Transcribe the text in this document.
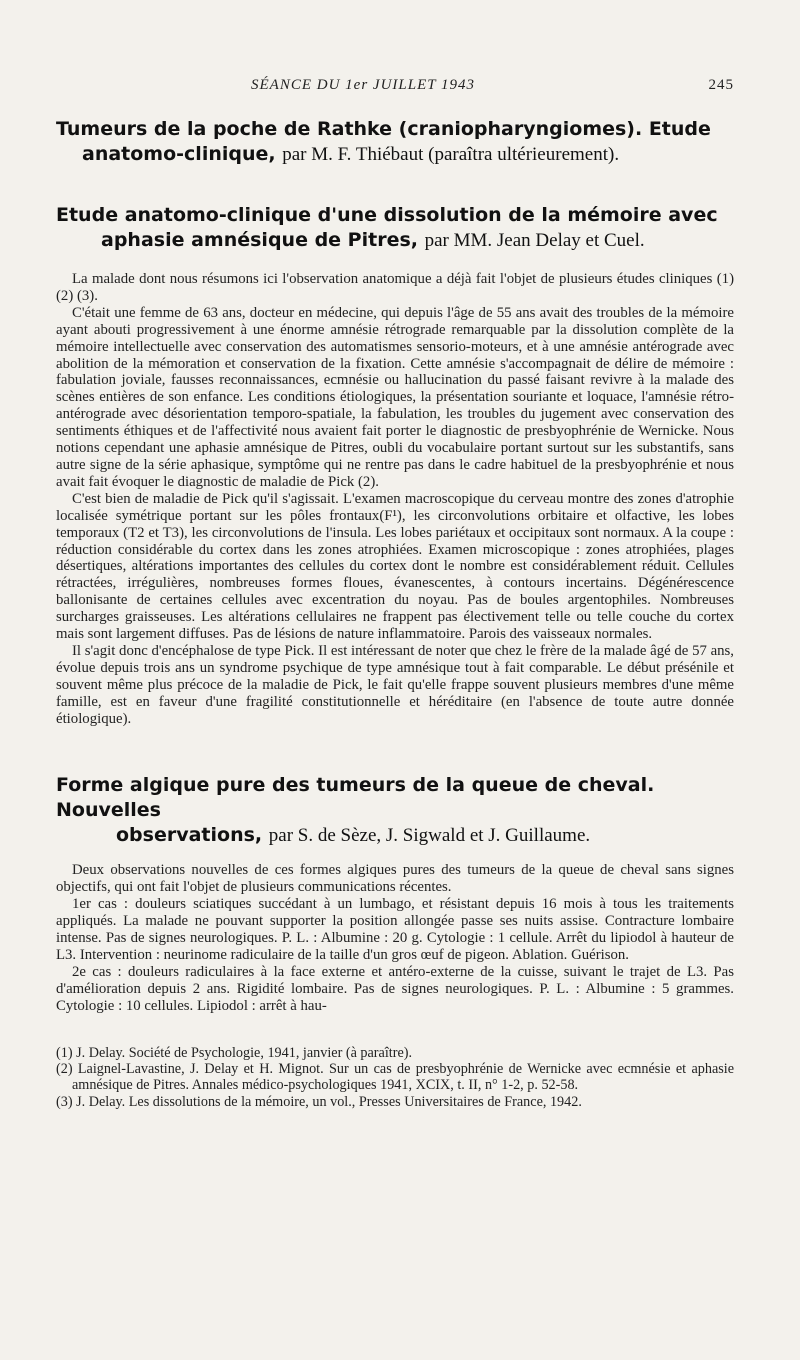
SÉANCE DU 1er JUILLET 1943	245
Tumeurs de la poche de Rathke (craniopharyngiomes). Etude
anatomo-clinique, par M. F. Thiébaut (paraîtra ultérieurement).
Etude anatomo-clinique d'une dissolution de la mémoire avec
aphasie amnésique de Pitres, par MM. Jean Delay et Cuel.

La malade dont nous résumons ici l'observation anatomique a déjà fait l'objet de plusieurs études cliniques (1) (2) (3).

C'était une femme de 63 ans, docteur en médecine, qui depuis l'âge de 55 ans avait des troubles de la mémoire ayant abouti progressivement à une énorme amnésie rétrograde remarquable par la dissolution complète de la mémoire intellectuelle avec conservation des automatismes sensorio-moteurs, et à une amnésie antérograde avec abolition de la mémoration et conservation de la fixation. Cette amnésie s'accompagnait de délire de mémoire : fabulation joviale, fausses reconnaissances, ecmnésie ou hallucination du passé faisant revivre à la malade des scènes entières de son enfance. Les conditions étiologiques, la présentation souriante et loquace, l'amnésie rétro-antérograde avec désorientation temporo-spatiale, la fabulation, les troubles du jugement avec conservation des sentiments éthiques et de l'affectivité nous avaient fait porter le diagnostic de presbyophrénie de Wernicke. Nous notions cependant une aphasie amnésique de Pitres, oubli du vocabulaire portant surtout sur les substantifs, sans autre signe de la série aphasique, symptôme qui ne rentre pas dans le cadre habituel de la presbyophrénie et nous avait fait évoquer le diagnostic de maladie de Pick (2).

C'est bien de maladie de Pick qu'il s'agissait. L'examen macroscopique du cerveau montre des zones d'atrophie localisée symétrique portant sur les pôles frontaux(F¹), les circonvolutions orbitaire et olfactive, les lobes temporaux (T2 et T3), les circonvolutions de l'insula. Les lobes pariétaux et occipitaux sont normaux. A la coupe : réduction considérable du cortex dans les zones atrophiées. Examen microscopique : zones atrophiées, plages désertiques, altérations importantes des cellules du cortex dont le nombre est considérablement réduit. Cellules rétractées, irrégulières, nombreuses formes floues, évanescentes, à contours incertains. Dégénérescence ballonisante de certaines cellules avec excentration du noyau. Pas de boules argentophiles. Nombreuses surcharges graisseuses. Les altérations cellulaires ne frappent pas électivement telle ou telle couche du cortex mais sont largement diffuses. Pas de lésions de nature inflammatoire. Parois des vaisseaux normales.

Il s'agit donc d'encéphalose de type Pick. Il est intéressant de noter que chez le frère de la malade âgé de 57 ans, évolue depuis trois ans un syndrome psychique de type amnésique tout à fait comparable. Le début présénile et souvent même plus précoce de la maladie de Pick, le fait qu'elle frappe souvent plusieurs membres d'une même famille, est en faveur d'une fragilité constitutionnelle et héréditaire (en l'absence de toute autre donnée étiologique).

Forme algique pure des tumeurs de la queue de cheval. Nouvelles
observations, par S. de Sèze, J. Sigwald et J. Guillaume.

Deux observations nouvelles de ces formes algiques pures des tumeurs de la queue de cheval sans signes objectifs, qui ont fait l'objet de plusieurs communications récentes.

1er cas : douleurs sciatiques succédant à un lumbago, et résistant depuis 16 mois à tous les traitements appliqués. La malade ne pouvant supporter la position allongée passe ses nuits assise. Contracture lombaire intense. Pas de signes neurologiques. P. L. : Albumine : 20 g. Cytologie : 1 cellule. Arrêt du lipiodol à hauteur de L3. Intervention : neurinome radiculaire de la taille d'un gros œuf de pigeon. Ablation. Guérison.

2e cas : douleurs radiculaires à la face externe et antéro-externe de la cuisse, suivant le trajet de L3. Pas d'amélioration depuis 2 ans. Rigidité lombaire. Pas de signes neurologiques. P. L. : Albumine : 5 grammes. Cytologie : 10 cellules. Lipiodol : arrêt à hau-

(1) J. Delay. Société de Psychologie, 1941, janvier (à paraître).

(2) Laignel-Lavastine, J. Delay et H. Mignot. Sur un cas de presbyophrénie de Wernicke avec ecmnésie et aphasie amnésique de Pitres. Annales médico-psychologiques 1941, XCIX, t. II, n° 1-2, p. 52-58.

(3) J. Delay. Les dissolutions de la mémoire, un vol., Presses Universitaires de France, 1942.
